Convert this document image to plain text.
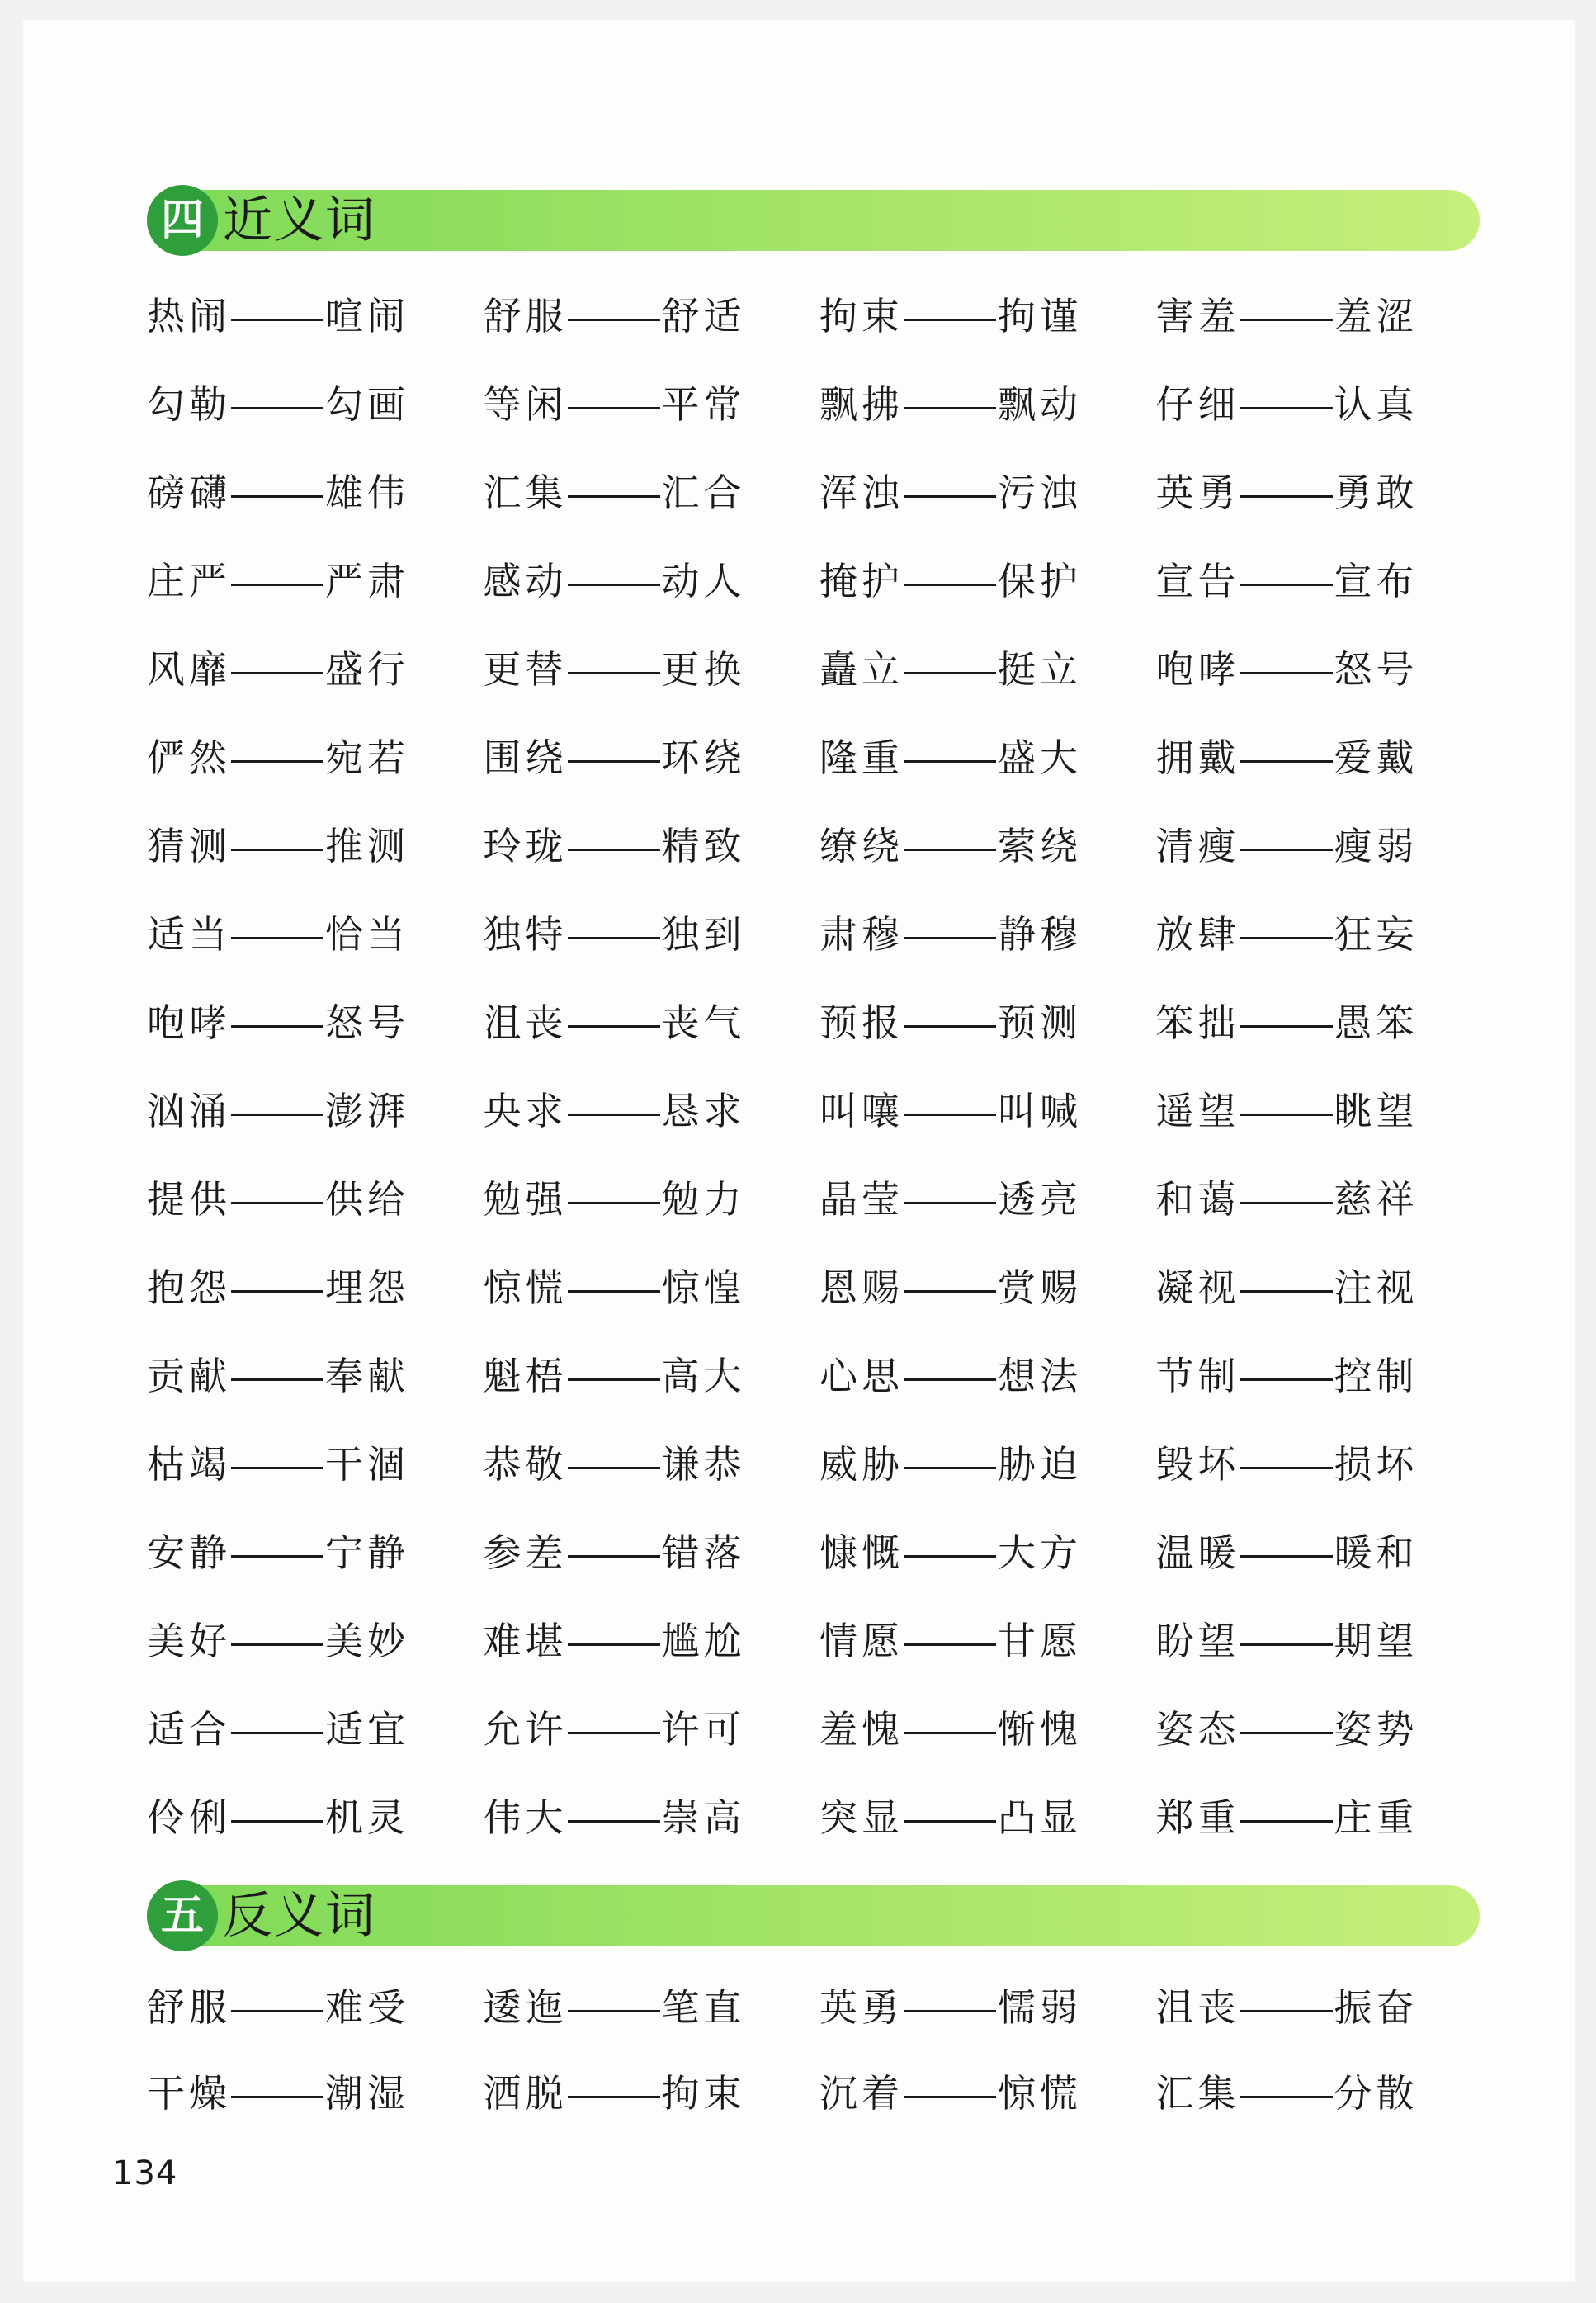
四 近义词
热闹 喧闹	舒服 舒适	拘束 拘谨	害羞 羞涩
勾勒 勾画	等闲 平常	飘拂 飘动	仔细 认真
磅礴 雄伟	汇集 汇合	浑浊 污浊	英勇 勇敢
庄严 严肃	感动 动人	掩护 保护	宣告 宣布
风靡 盛行	更替 更换	矗立 挺立	咆哮 怒号
俨然 宛若	围绕 环绕	隆重 盛大	拥戴 爱戴
猜测 推测	玲珑 精致	缭绕 萦绕	清瘦 瘦弱
适当 恰当	独特 独到	肃穆 静穆	放肆 狂妄
咆哮 怒号	沮丧 丧气	预报 预测	笨拙 愚笨
汹涌 澎湃	央求 恳求	叫嚷 叫喊	遥望 眺望
提供 供给	勉强 勉力	晶莹 透亮	和蔼 慈祥
抱怨 埋怨	惊慌 惊惶	恩赐 赏赐	凝视 注视
贡献 奉献	魁梧 高大	心思 想法	节制 控制
枯竭 干涸	恭敬 谦恭	威胁 胁迫	毁坏 损坏
安静 宁静	参差 错落	慷慨 大方	温暖 暖和
美好 美妙	难堪 尴尬	情愿 甘愿	盼望 期望
适合 适宜	允许 许可	羞愧 惭愧	姿态 姿势
伶俐 机灵	伟大 崇高	突显 凸显	郑重 庄重
五 反义词
舒服 难受	逶迤 笔直	英勇 懦弱	沮丧 振奋
干燥 潮湿	洒脱 拘束	沉着 惊慌	汇集 分散
134
